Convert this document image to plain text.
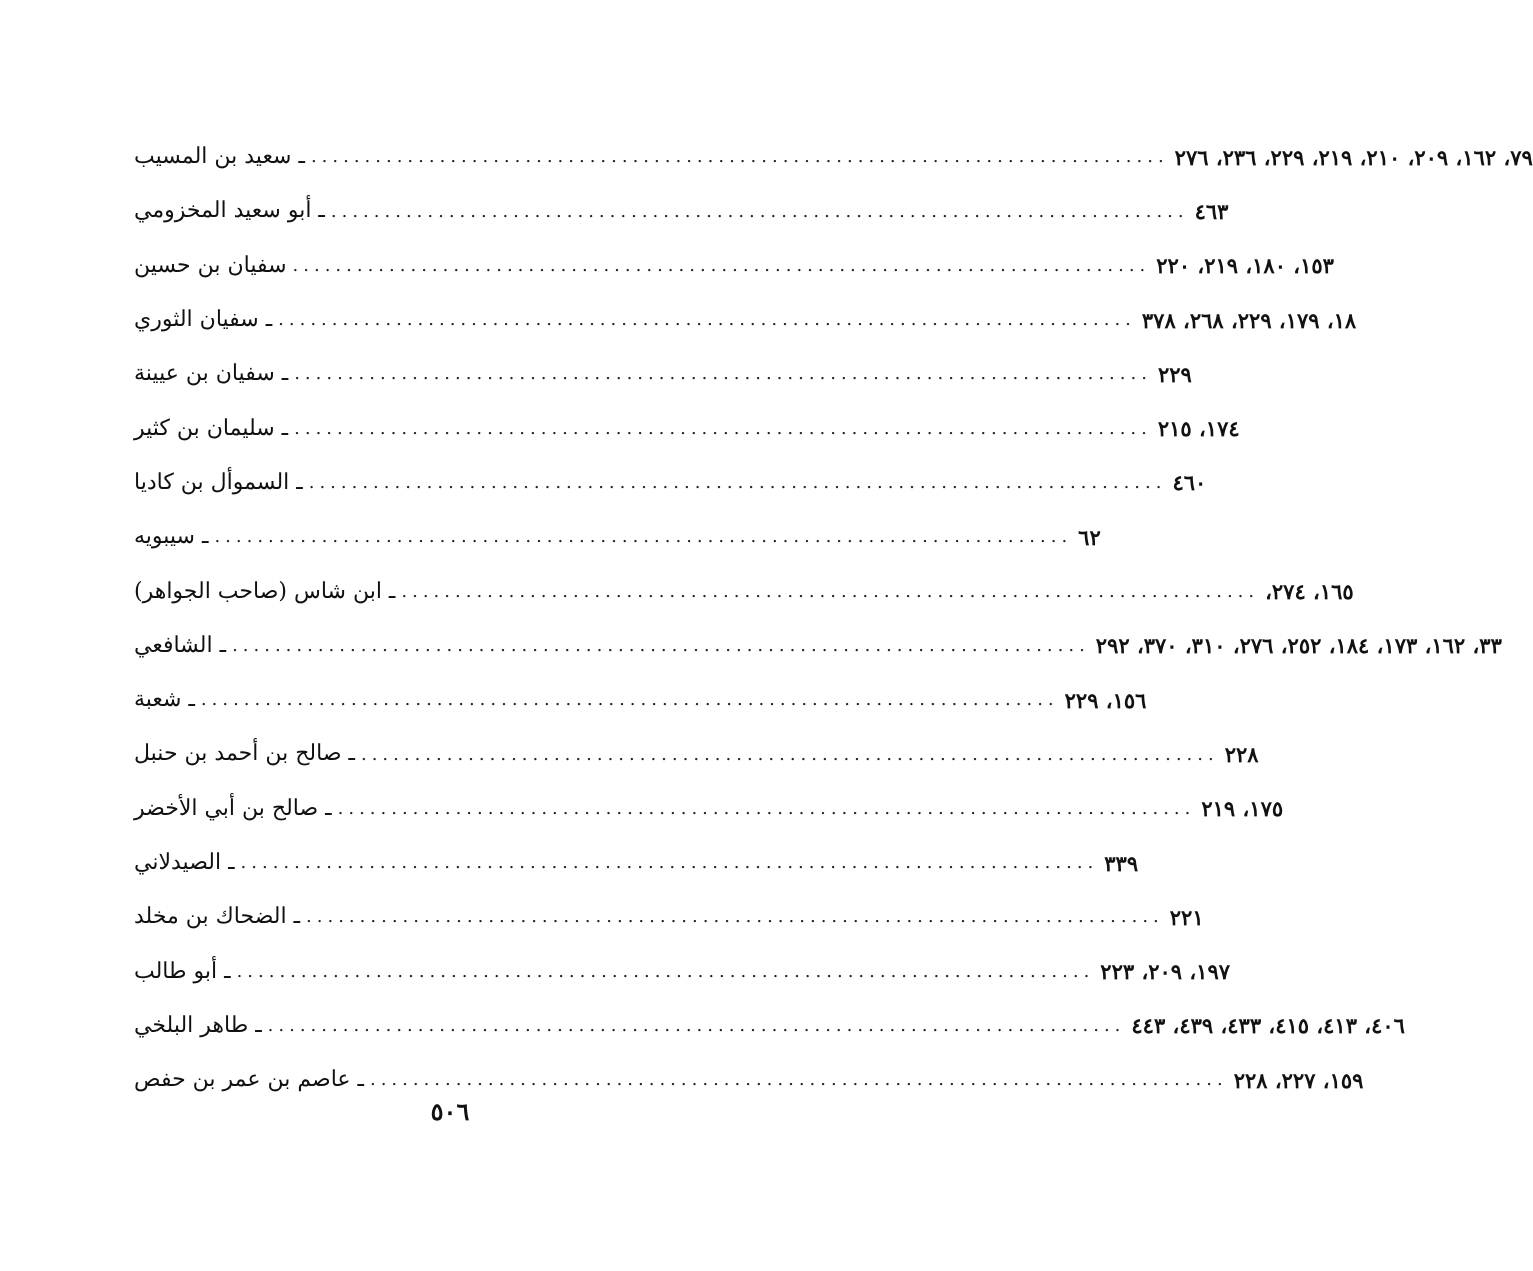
ـ سعيد بن المسيب ................................................................................ ٧٩، ١٦٢، ٢٠٩، ٢١٠، ٢١٩، ٢٢٩، ٢٣٦، ٢٧٦
ـ أبو سعيد المخزومي ................................................................................ ٤٦٣
سفيان بن حسين ................................................................................ ١٥٣، ١٨٠، ٢١٩، ٢٢٠
ـ سفيان الثوري ................................................................................ ١٨، ١٧٩، ٢٢٩، ٢٦٨، ٣٧٨
ـ سفيان بن عيينة ................................................................................ ٢٢٩
ـ سليمان بن كثير ................................................................................ ١٧٤، ٢١٥
ـ السموأل بن كاديا ................................................................................ ٤٦٠
ـ سيبويه ................................................................................ ٦٢
ـ ابن شاس (صاحب الجواهر) ................................................................................ ١٦٥، ٢٧٤،
ـ الشافعي ................................................................................ ٣٣، ١٦٢، ١٧٣، ١٨٤، ٢٥٢، ٢٧٦، ٣١٠، ٣٧٠، ٢٩٢
ـ شعبة ................................................................................ ١٥٦، ٢٢٩
ـ صالح بن أحمد بن حنبل ................................................................................ ٢٢٨
ـ صالح بن أبي الأخضر ................................................................................ ١٧٥، ٢١٩
ـ الصيدلاني ................................................................................ ٣٣٩
ـ الضحاك بن مخلد ................................................................................ ٢٢١
ـ أبو طالب ................................................................................ ١٩٧، ٢٠٩، ٢٢٣
ـ طاهر البلخي ................................................................................ ٤٠٦، ٤١٣، ٤١٥، ٤٣٣، ٤٣٩، ٤٤٣
ـ عاصم بن عمر بن حفص ................................................................................ ١٥٩، ٢٢٧، ٢٢٨
٥٠٦
